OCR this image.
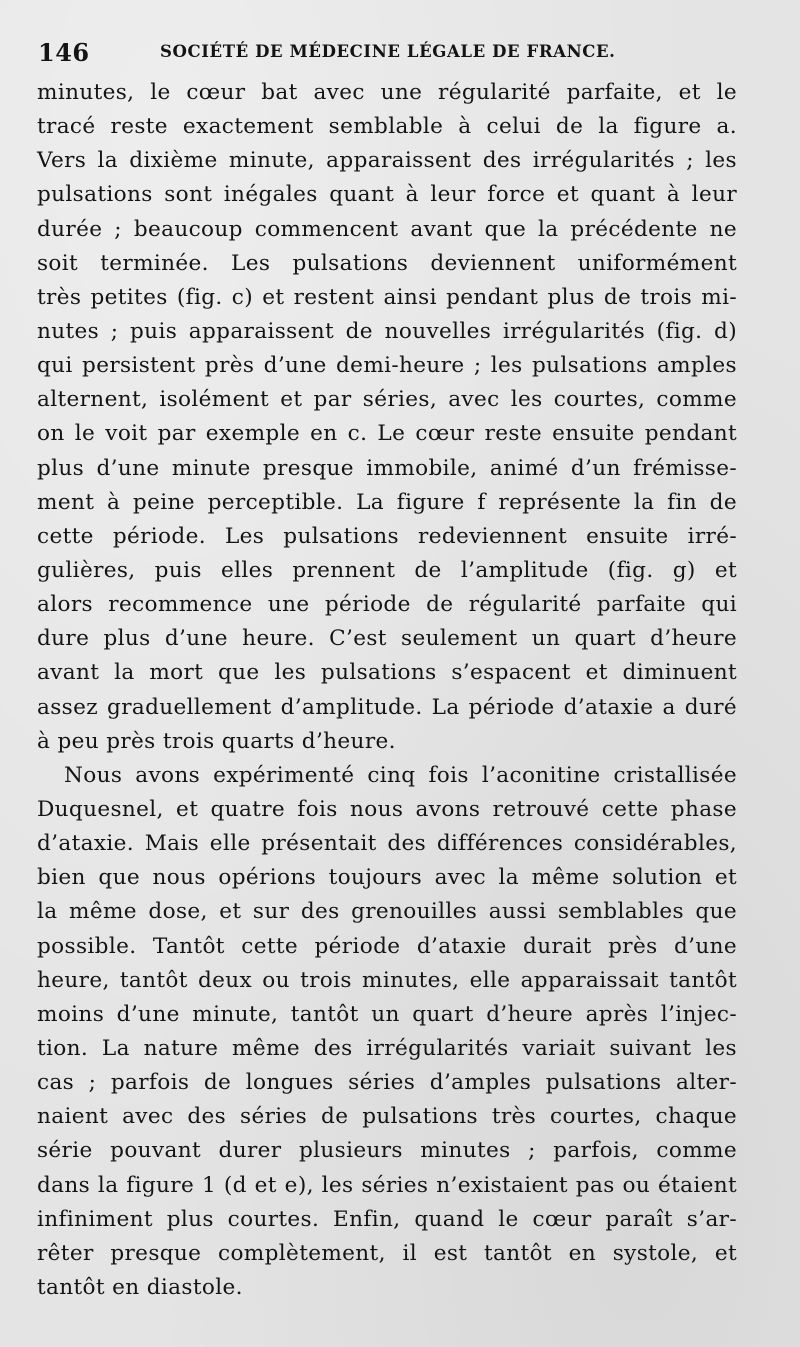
146	SOCIÉTÉ DE MÉDECINE LÉGALE DE FRANCE.
minutes, le cœur bat avec une régularité parfaite, et le
tracé reste exactement semblable à celui de la figure a.
Vers la dixième minute, apparaissent des irrégularités ; les
pulsations sont inégales quant à leur force et quant à leur
durée ; beaucoup commencent avant que la précédente ne
soit terminée. Les pulsations deviennent uniformément
très petites (fig. c) et restent ainsi pendant plus de trois mi-
nutes ; puis apparaissent de nouvelles irrégularités (fig. d)
qui persistent près d’une demi-heure ; les pulsations amples
alternent, isolément et par séries, avec les courtes, comme
on le voit par exemple en c. Le cœur reste ensuite pendant
plus d’une minute presque immobile, animé d’un frémisse-
ment à peine perceptible. La figure f représente la fin de
cette période. Les pulsations redeviennent ensuite irré-
gulières, puis elles prennent de l’amplitude (fig. g) et
alors recommence une période de régularité parfaite qui
dure plus d’une heure. C’est seulement un quart d’heure
avant la mort que les pulsations s’espacent et diminuent
assez graduellement d’amplitude. La période d’ataxie a duré
à peu près trois quarts d’heure.
Nous avons expérimenté cinq fois l’aconitine cristallisée
Duquesnel, et quatre fois nous avons retrouvé cette phase
d’ataxie. Mais elle présentait des différences considérables,
bien que nous opérions toujours avec la même solution et
la même dose, et sur des grenouilles aussi semblables que
possible. Tantôt cette période d’ataxie durait près d’une
heure, tantôt deux ou trois minutes, elle apparaissait tantôt
moins d’une minute, tantôt un quart d’heure après l’injec-
tion. La nature même des irrégularités variait suivant les
cas ; parfois de longues séries d’amples pulsations alter-
naient avec des séries de pulsations très courtes, chaque
série pouvant durer plusieurs minutes ; parfois, comme
dans la figure 1 (d et e), les séries n’existaient pas ou étaient
infiniment plus courtes. Enfin, quand le cœur paraît s’ar-
rêter presque complètement, il est tantôt en systole, et
tantôt en diastole.
